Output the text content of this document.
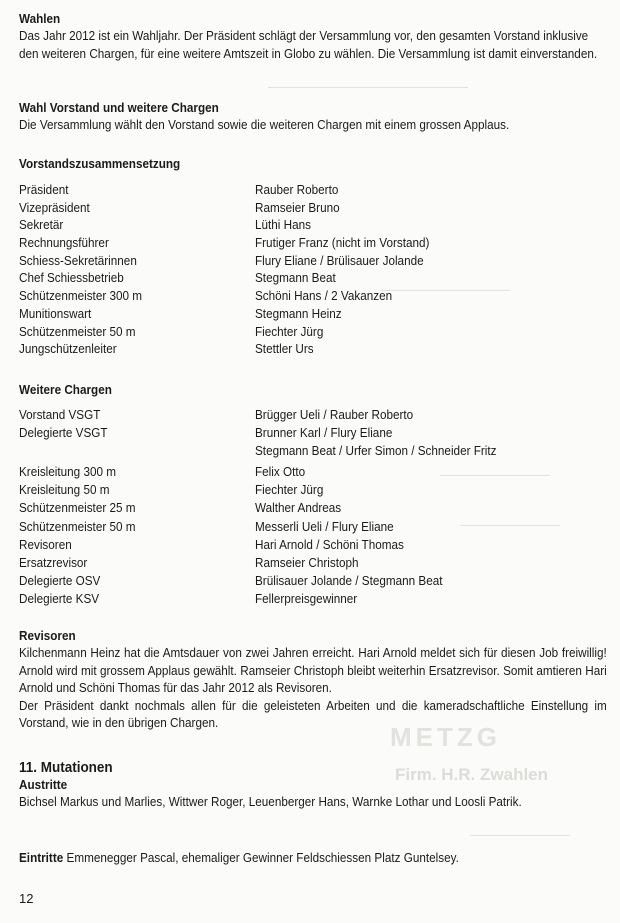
Firm. H.R. Zwahlen
METZG
————————————————————
—————————————
———————————
——————————
——————————
Wahlen

Das Jahr 2012 ist ein Wahljahr. Der Präsident schlägt der Versammlung vor, den gesamten Vorstand inklusive den weiteren Chargen, für eine weitere Amtszeit in Globo zu wählen. Die Versammlung ist damit einverstanden.

Wahl Vorstand und weitere Chargen

Die Versammlung wählt den Vorstand sowie die weiteren Chargen mit einem grossen Applaus.

Vorstandszusammensetzung
Präsident	Rauber Roberto
Vizepräsident	Ramseier Bruno
Sekretär	Lüthi Hans
Rechnungsführer	Frutiger Franz (nicht im Vorstand)
Schiess-Sekretärinnen	Flury Eliane / Brülisauer Jolande
Chef Schiessbetrieb	Stegmann Beat
Schützenmeister 300 m	Schöni Hans / 2 Vakanzen
Munitionswart	Stegmann Heinz
Schützenmeister 50 m	Fiechter Jürg
Jungschützenleiter	Stettler Urs
Weitere Chargen
Vorstand VSGT	Brügger Ueli / Rauber Roberto
Delegierte VSGT	Brunner Karl / Flury Eliane
Stegmann Beat / Urfer Simon / Schneider Fritz
Kreisleitung 300 m	Felix Otto
Kreisleitung 50 m	Fiechter Jürg
Schützenmeister 25 m	Walther Andreas
Schützenmeister 50 m	Messerli Ueli / Flury Eliane
Revisoren	Hari Arnold / Schöni Thomas
Ersatzrevisor	Ramseier Christoph
Delegierte OSV	Brülisauer Jolande / Stegmann Beat
Delegierte KSV	Fellerpreisgewinner
Revisoren

Kilchenmann Heinz hat die Amtsdauer von zwei Jahren erreicht. Hari Arnold meldet sich für diesen Job freiwillig! Arnold wird mit grossem Applaus gewählt. Ramseier Christoph bleibt weiterhin Ersatzrevisor. Somit amtieren Hari Arnold und Schöni Thomas für das Jahr 2012 als Revisoren.

Der Präsident dankt nochmals allen für die geleisteten Arbeiten und die kameradschaftliche Einstellung im Vorstand, wie in den übrigen Chargen.

11. Mutationen
Austritte

Bichsel Markus und Marlies, Wittwer Roger, Leuenberger Hans, Warnke Lothar und Loosli Patrik.

Eintritte Emmenegger Pascal, ehemaliger Gewinner Feldschiessen Platz Guntelsey.

12
